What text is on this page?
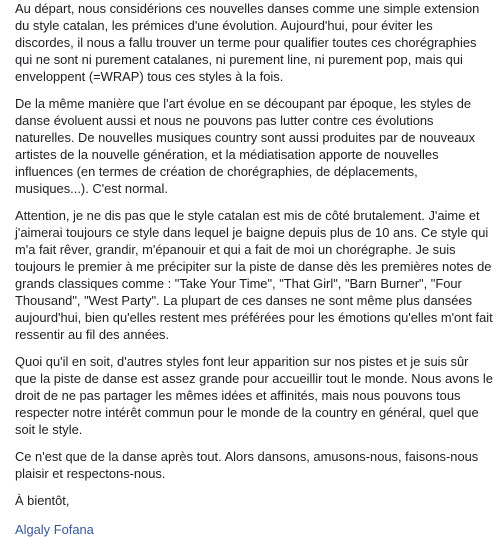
Au départ, nous considérions ces nouvelles danses comme une simple extension du style catalan, les prémices d'une évolution. Aujourd'hui, pour éviter les discordes, il nous a fallu trouver un terme pour qualifier toutes ces chorégraphies qui ne sont ni purement catalanes, ni purement line, ni purement pop, mais qui enveloppent (=WRAP) tous ces styles à la fois.

De la même manière que l'art évolue en se découpant par époque, les styles de danse évoluent aussi et nous ne pouvons pas lutter contre ces évolutions naturelles. De nouvelles musiques country sont aussi produites par de nouveaux artistes de la nouvelle génération, et la médiatisation apporte de nouvelles influences (en termes de création de chorégraphies, de déplacements, musiques...). C'est normal.

Attention, je ne dis pas que le style catalan est mis de côté brutalement. J'aime et j'aimerai toujours ce style dans lequel je baigne depuis plus de 10 ans. Ce style qui m'a fait rêver, grandir, m'épanouir et qui a fait de moi un chorégraphe. Je suis toujours le premier à me précipiter sur la piste de danse dès les premières notes de grands classiques comme : "Take Your Time", "That Girl", "Barn Burner", "Four Thousand", "West Party". La plupart de ces danses ne sont même plus dansées aujourd'hui, bien qu'elles restent mes préférées pour les émotions qu'elles m'ont fait ressentir au fil des années.

Quoi qu'il en soit, d'autres styles font leur apparition sur nos pistes et je suis sûr que la piste de danse est assez grande pour accueillir tout le monde. Nous avons le droit de ne pas partager les mêmes idées et affinités, mais nous pouvons tous respecter notre intérêt commun pour le monde de la country en général, quel que soit le style.

Ce n'est que de la danse après tout. Alors dansons, amusons-nous, faisons-nous plaisir et respectons-nous.

À bientôt,

Algaly Fofana
